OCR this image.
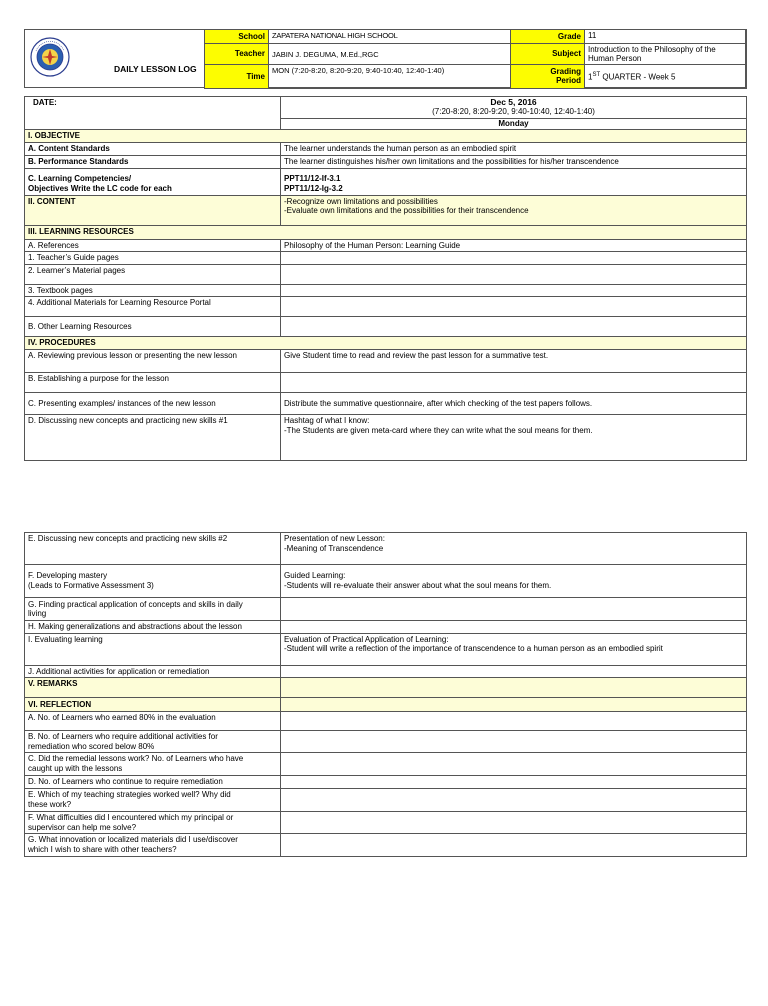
DAILY LESSON LOG
School	ZAPATERA NATIONAL HIGH SCHOOL	Grade	11
Teacher	JABIN J. DEGUMA, M.Ed.,RGC	Subject	Introduction to the Philosophy of the
Human Person

Time	MON (7:20-8:20, 8:20-9:20, 9:40-10:40, 12:40-1:40)	Grading
Period	1ST QUARTER - Week 5
DATE:	Dec 5, 2016
(7:20-8:20, 8:20-9:20, 9:40-10:40, 12:40-1:40)
Monday

I. OBJECTIVE	
A. Content Standards	The learner understands the human person as an embodied spirit
B. Performance Standards	The learner distinguishes his/her own limitations and the possibilities for his/her transcendence

C. Learning Competencies/
Objectives Write the LC code for each	PPT11/12-If-3.1
PPT11/12-Ig-3.2

II. CONTENT	-Recognize own limitations and possibilities
-Evaluate own limitations and the possibilities for their transcendence

III. LEARNING RESOURCES	
A. References	Philosophy of the Human Person: Learning Guide
1. Teacher’s Guide pages	
2. Learner’s Material pages	
3. Textbook pages	
4. Additional Materials for Learning Resource Portal	
B. Other Learning Resources	
IV. PROCEDURES	
A. Reviewing previous lesson or presenting the new lesson	Give Student time to read and review the past lesson for a summative test.
B. Establishing a purpose for the lesson	
C. Presenting examples/ instances of the new lesson	Distribute the summative questionnaire, after which checking of the test papers follows.
D. Discussing new concepts and practicing new skills #1	Hashtag of what I know:
-The Students are given meta-card where they can write what the soul means for them.
E. Discussing new concepts and practicing new skills #2	Presentation of new Lesson:
-Meaning of Transcendence

F. Developing mastery
(Leads to Formative Assessment 3)	Guided Learning:
-Students will re-evaluate their answer about what the soul means for them.

G. Finding practical application of concepts and skills in daily
living	

H. Making generalizations and abstractions about the lesson	
I. Evaluating learning	Evaluation of Practical Application of Learning:
-Student will write a reflection of the importance of transcendence to a human person as an embodied spirit

J. Additional activities for application or remediation	
V. REMARKS	
VI. REFLECTION	
A. No. of Learners who earned 80% in the evaluation	

B. No. of Learners who require additional activities for
remediation who scored below 80%	

C. Did the remedial lessons work? No. of Learners who have
caught up with the lessons	

D. No. of Learners who continue to require remediation	

E. Which of my teaching strategies worked well? Why did
these work?	

F. What difficulties did I encountered which my principal or
supervisor can help me solve?	

G. What innovation or localized materials did I use/discover
which I wish to share with other teachers?	
